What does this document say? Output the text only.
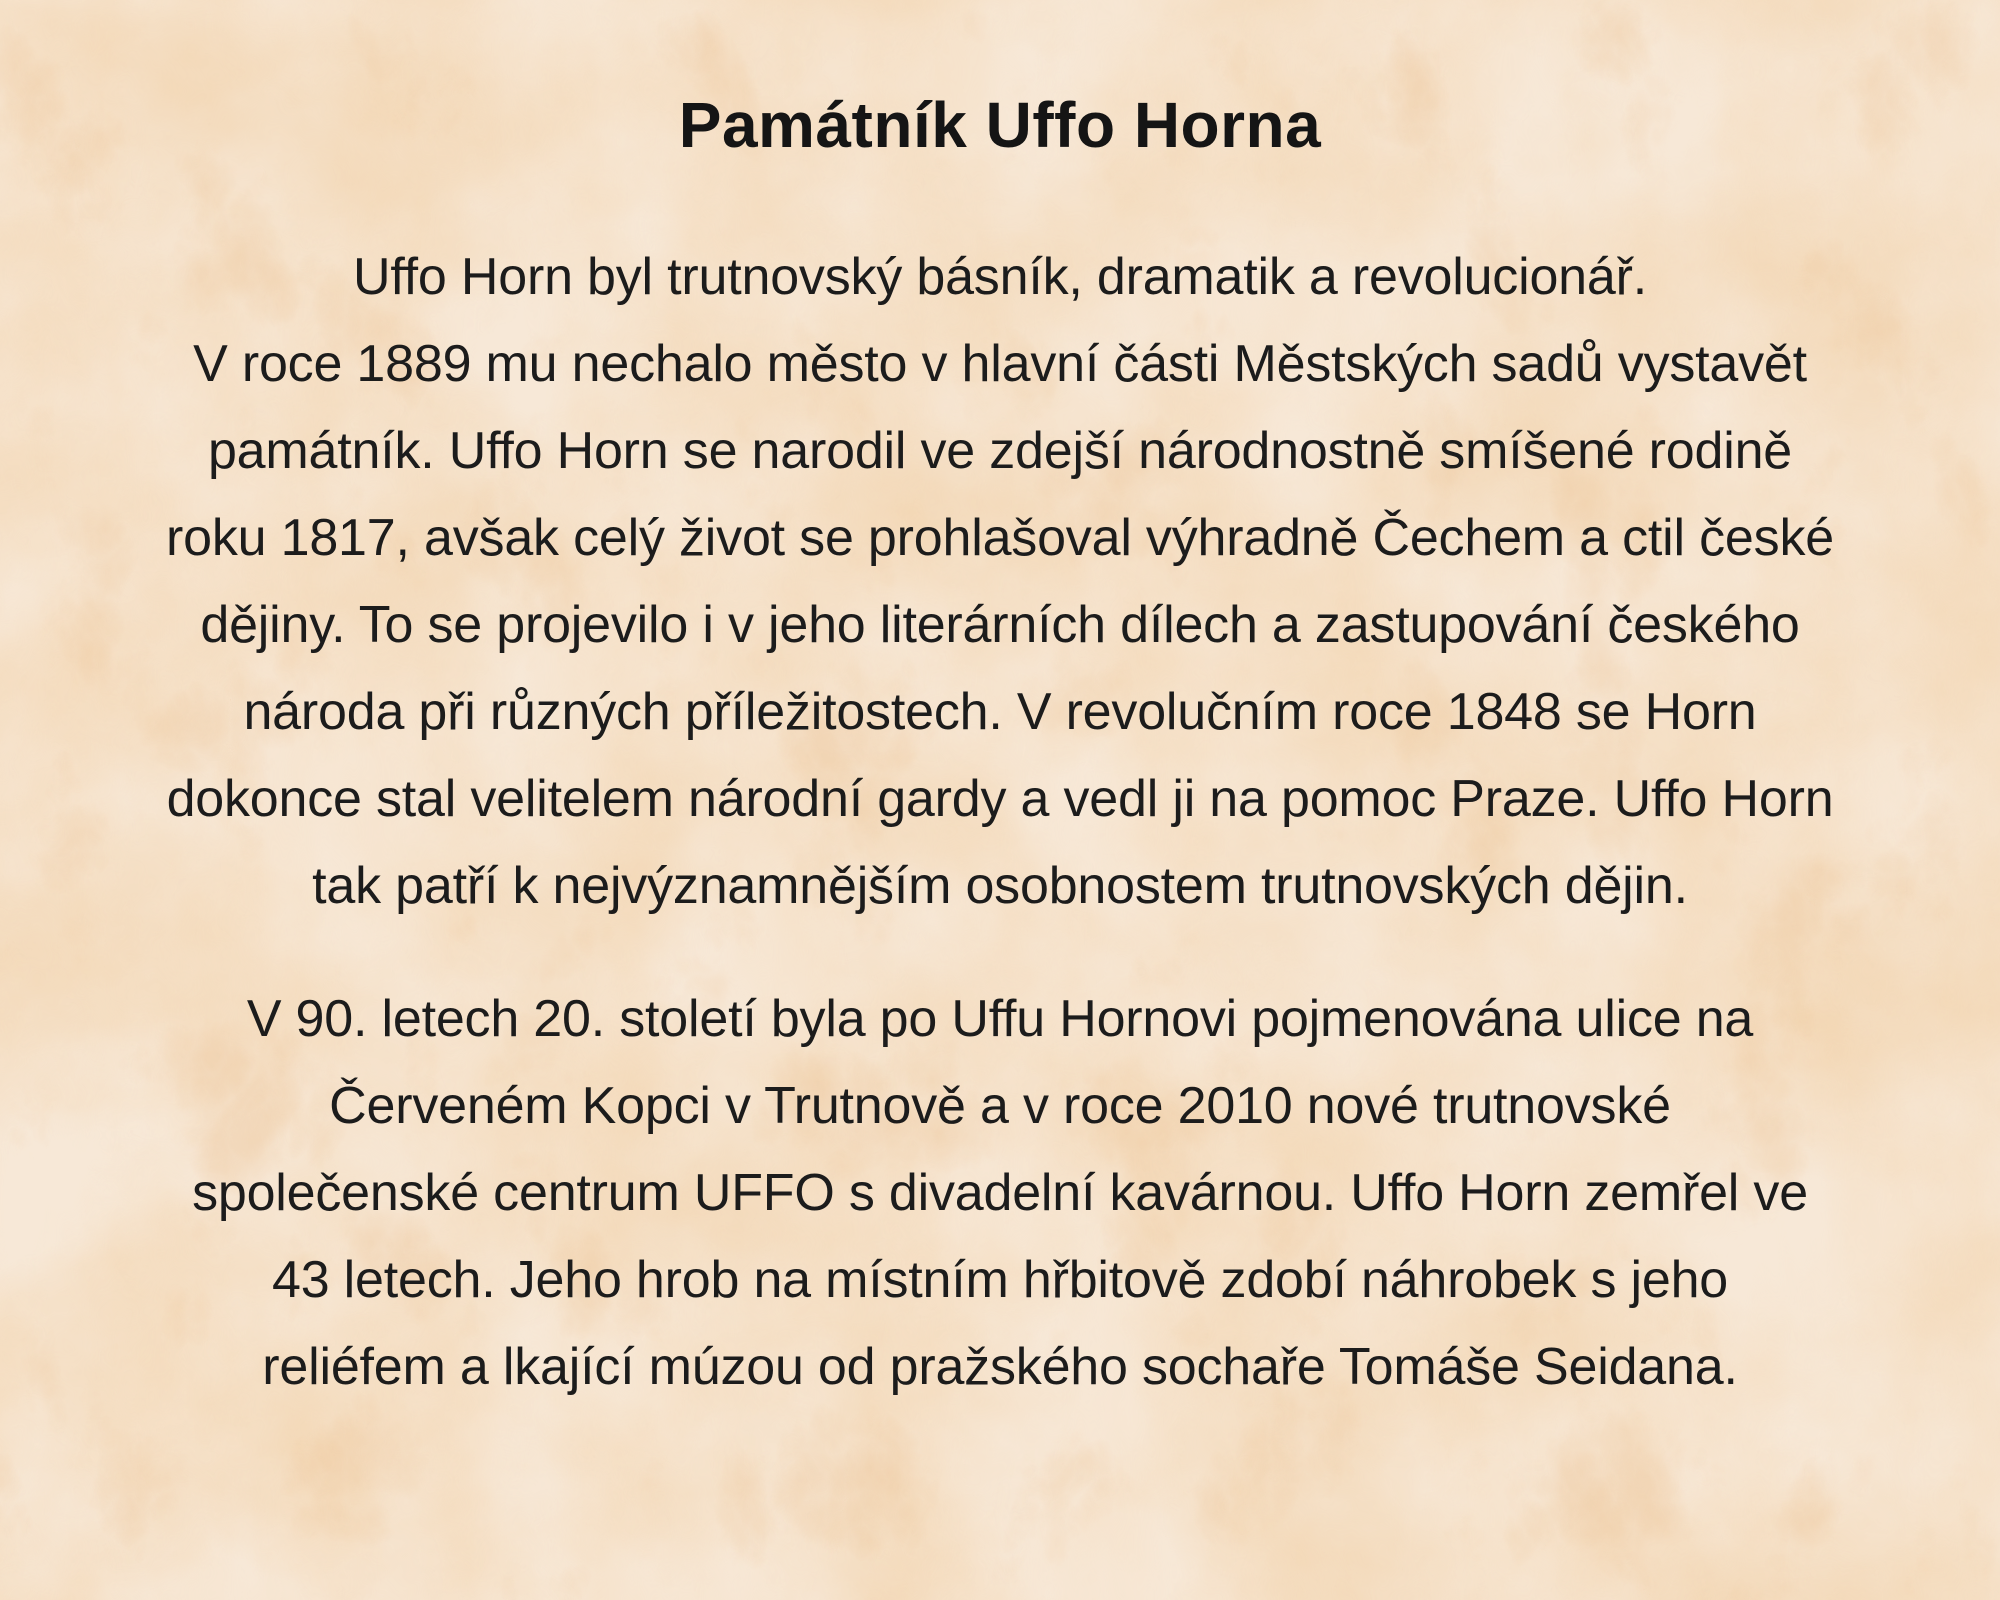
Památník Uffo Horna
Uffo Horn byl trutnovský básník, dramatik a revolucionář.
V roce 1889 mu nechalo město v hlavní části Městských sadů vystavět
památník. Uffo Horn se narodil ve zdejší národnostně smíšené rodině
roku 1817, avšak celý život se prohlašoval výhradně Čechem a ctil české
dějiny. To se projevilo i v jeho literárních dílech a zastupování českého
národa při různých příležitostech. V revolučním roce 1848 se Horn
dokonce stal velitelem národní gardy a vedl ji na pomoc Praze. Uffo Horn
tak patří k nejvýznamnějším osobnostem trutnovských dějin.
V 90. letech 20. století byla po Uffu Hornovi pojmenována ulice na
Červeném Kopci v Trutnově a v roce 2010 nové trutnovské
společenské centrum UFFO s divadelní kavárnou. Uffo Horn zemřel ve
43 letech. Jeho hrob na místním hřbitově zdobí náhrobek s jeho
reliéfem a lkající múzou od pražského sochaře Tomáše Seidana.
